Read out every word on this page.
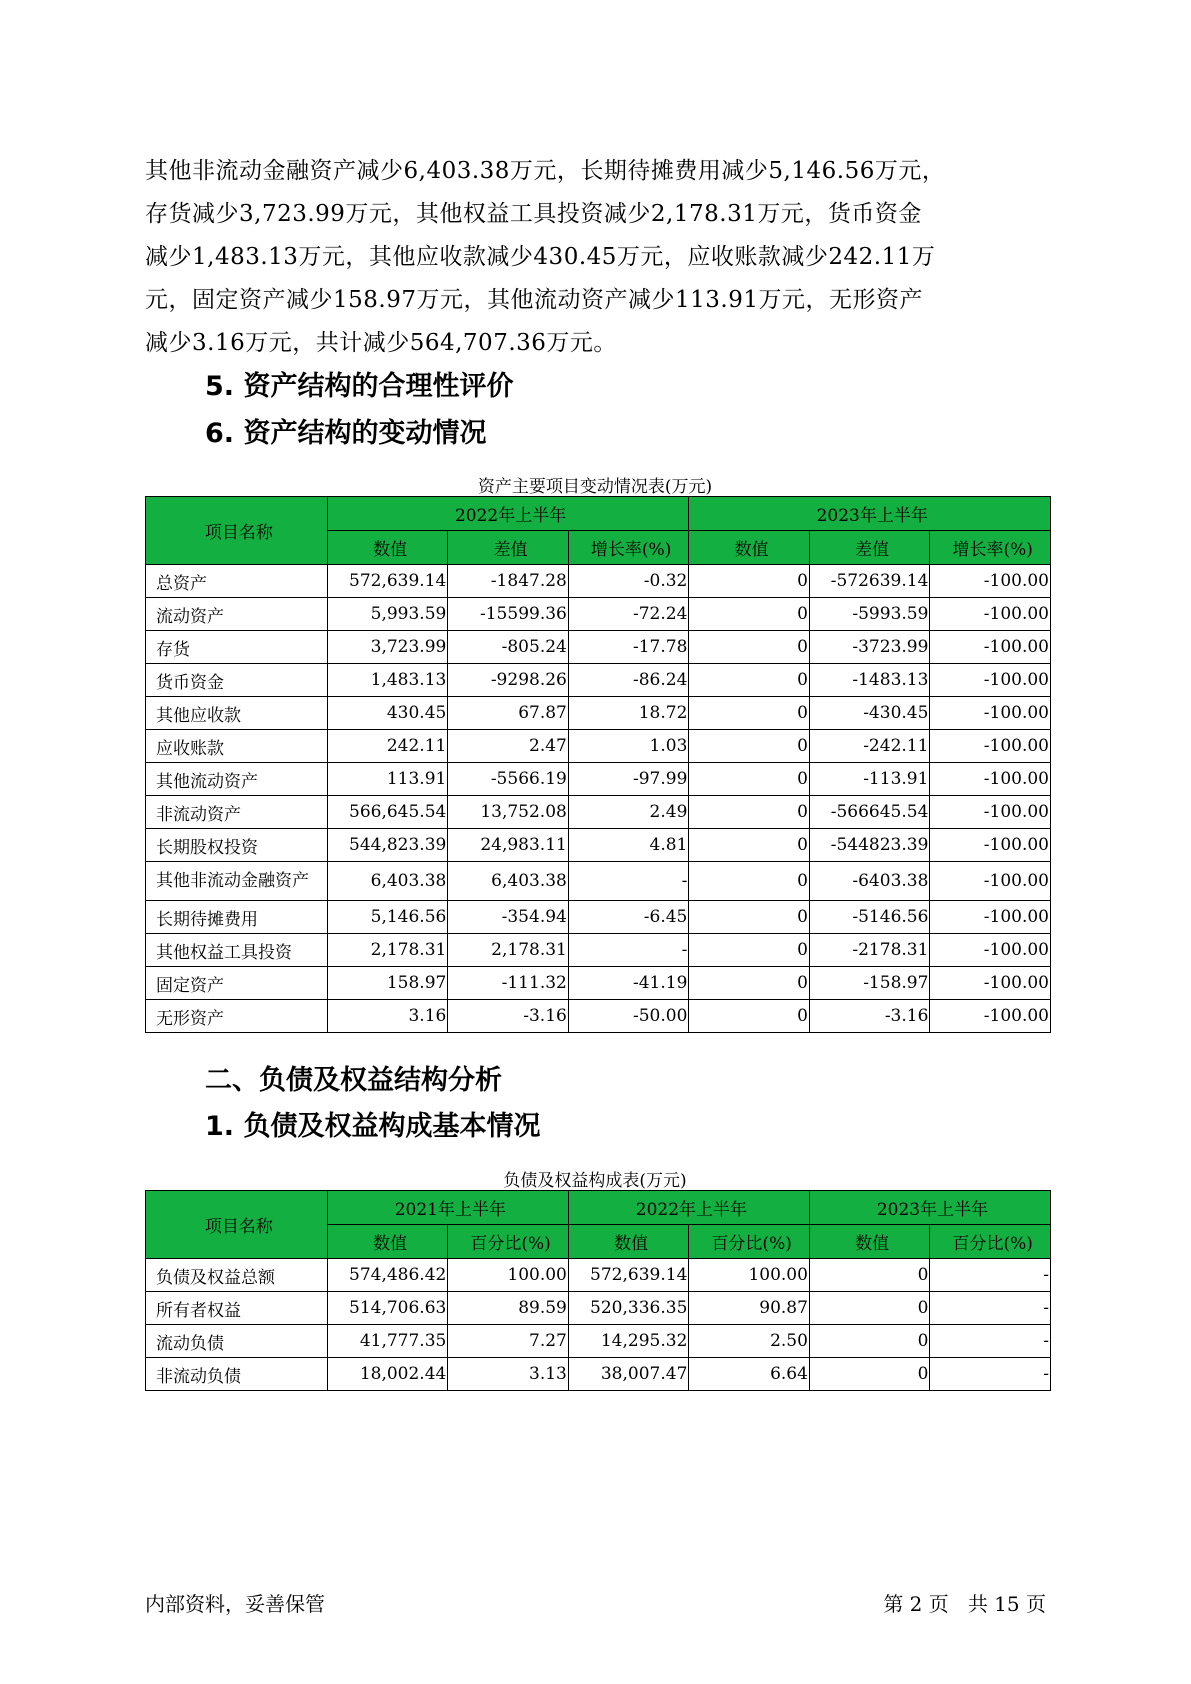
其他非流动金融资产减少6,403.38万元，长期待摊费用减少5,146.56万元，
存货减少3,723.99万元，其他权益工具投资减少2,178.31万元，货币资金
减少1,483.13万元，其他应收款减少430.45万元，应收账款减少242.11万
元，固定资产减少158.97万元，其他流动资产减少113.91万元，无形资产
减少3.16万元，共计减少564,707.36万元。

5. 资产结构的合理性评价
6. 资产结构的变动情况

资产主要项目变动情况表(万元)

项目名称	2022年上半年			2023年上半年		
	数值	差值	增长率(%)	数值	差值	增长率(%)
总资产	572,639.14	-1847.28	-0.32	0	-572639.14	-100.00
流动资产	5,993.59	-15599.36	-72.24	0	-5993.59	-100.00
存货	3,723.99	-805.24	-17.78	0	-3723.99	-100.00
货币资金	1,483.13	-9298.26	-86.24	0	-1483.13	-100.00
其他应收款	430.45	67.87	18.72	0	-430.45	-100.00
应收账款	242.11	2.47	1.03	0	-242.11	-100.00
其他流动资产	113.91	-5566.19	-97.99	0	-113.91	-100.00
非流动资产	566,645.54	13,752.08	2.49	0	-566645.54	-100.00
长期股权投资	544,823.39	24,983.11	4.81	0	-544823.39	-100.00
其他非流动金融资产	6,403.38	6,403.38	-	0	-6403.38	-100.00
长期待摊费用	5,146.56	-354.94	-6.45	0	-5146.56	-100.00
其他权益工具投资	2,178.31	2,178.31	-	0	-2178.31	-100.00
固定资产	158.97	-111.32	-41.19	0	-158.97	-100.00
无形资产	3.16	-3.16	-50.00	0	-3.16	-100.00
二、负债及权益结构分析
1. 负债及权益构成基本情况

负债及权益构成表(万元)

项目名称	2021年上半年		2022年上半年		2023年上半年	
	数值	百分比(%)	数值	百分比(%)	数值	百分比(%)
负债及权益总额	574,486.42	100.00	572,639.14	100.00	0	-
所有者权益	514,706.63	89.59	520,336.35	90.87	0	-
流动负债	41,777.35	7.27	14,295.32	2.50	0	-
非流动负债	18,002.44	3.13	38,007.47	6.64	0	-

内部资料，妥善保管	第 2 页   共 15 页
